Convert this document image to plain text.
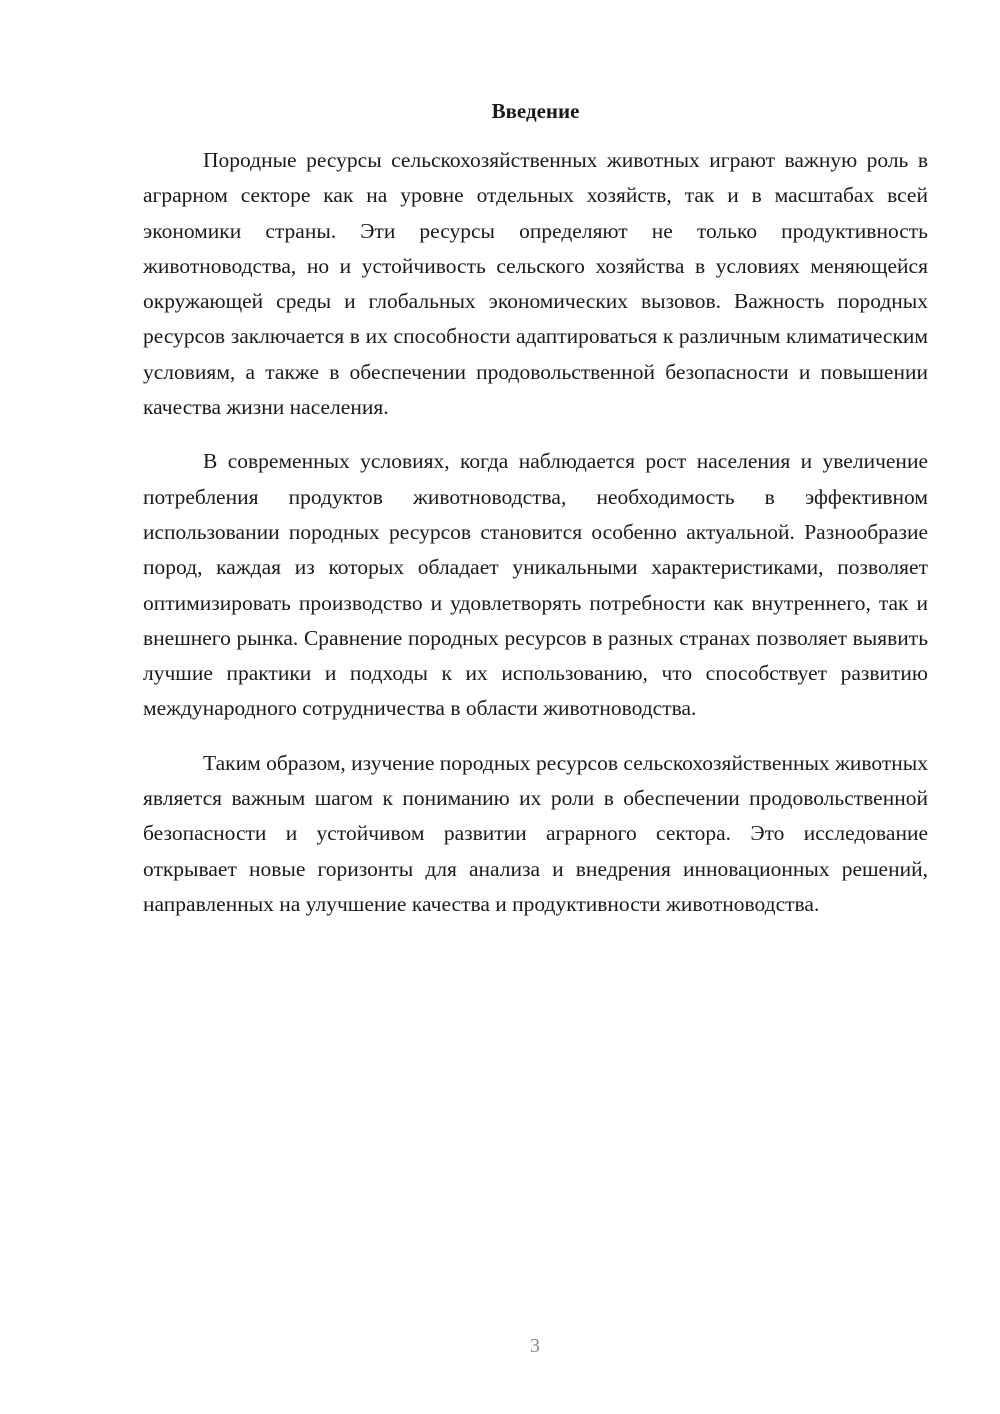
Введение

Породные ресурсы сельскохозяйственных животных играют важную роль в аграрном секторе как на уровне отдельных хозяйств, так и в масштабах всей экономики страны. Эти ресурсы определяют не только продуктивность животноводства, но и устойчивость сельского хозяйства в условиях меняющейся окружающей среды и глобальных экономических вызовов. Важность породных ресурсов заключается в их способности адаптироваться к различным климатическим условиям, а также в обеспечении продовольственной безопасности и повышении качества жизни населения.

В современных условиях, когда наблюдается рост населения и увеличение потребления продуктов животноводства, необходимость в эффективном использовании породных ресурсов становится особенно актуальной. Разнообразие пород, каждая из которых обладает уникальными характеристиками, позволяет оптимизировать производство и удовлетворять потребности как внутреннего, так и внешнего рынка. Сравнение породных ресурсов в разных странах позволяет выявить лучшие практики и подходы к их использованию, что способствует развитию международного сотрудничества в области животноводства.

Таким образом, изучение породных ресурсов сельскохозяйственных животных является важным шагом к пониманию их роли в обеспечении продовольственной безопасности и устойчивом развитии аграрного сектора. Это исследование открывает новые горизонты для анализа и внедрения инновационных решений, направленных на улучшение качества и продуктивности животноводства.

3
